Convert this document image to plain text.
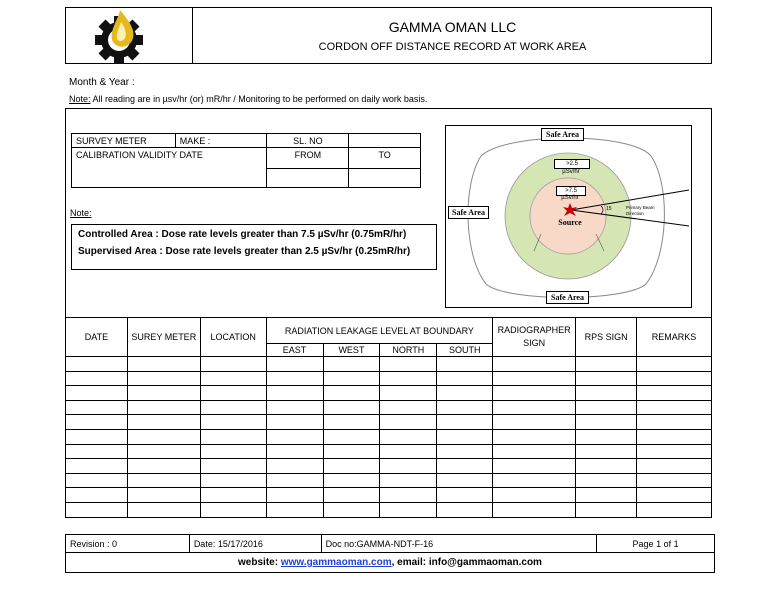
GAMMA OMAN LLC
CORDON OFF DISTANCE RECORD AT WORK AREA
Month & Year :
Note: All reading are in µsv/hr (or) mR/hr / Monitoring to be performed on daily work basis.
SURVEY METER	MAKE :	SL. NO	
CALIBRATION VALIDITY DATE		FROM	TO

Note:
Controlled Area : Dose rate levels greater than 7.5 µSv/hr (0.75mR/hr)
Supervised Area : Dose rate levels greater than 2.5 µSv/hr (0.25mR/hr)
Safe Area
Safe Area
Safe Area
>2.5
µSv/hr
>7.5
µSv/hr
Source
15	Primary Beam
Direction
DATE	SUREY METER	LOCATION	RADIATION LEAKAGE LEVEL AT BOUNDARY				RADIOGRAPHER SIGN	RPS SIGN	REMARKS
			EAST	WEST	NORTH	SOUTH			

Revision : 0	Date: 15/17/2016	Doc no:GAMMA-NDT-F-16	Page 1 of 1
website: www.gammaoman.com, email: info@gammaoman.com
